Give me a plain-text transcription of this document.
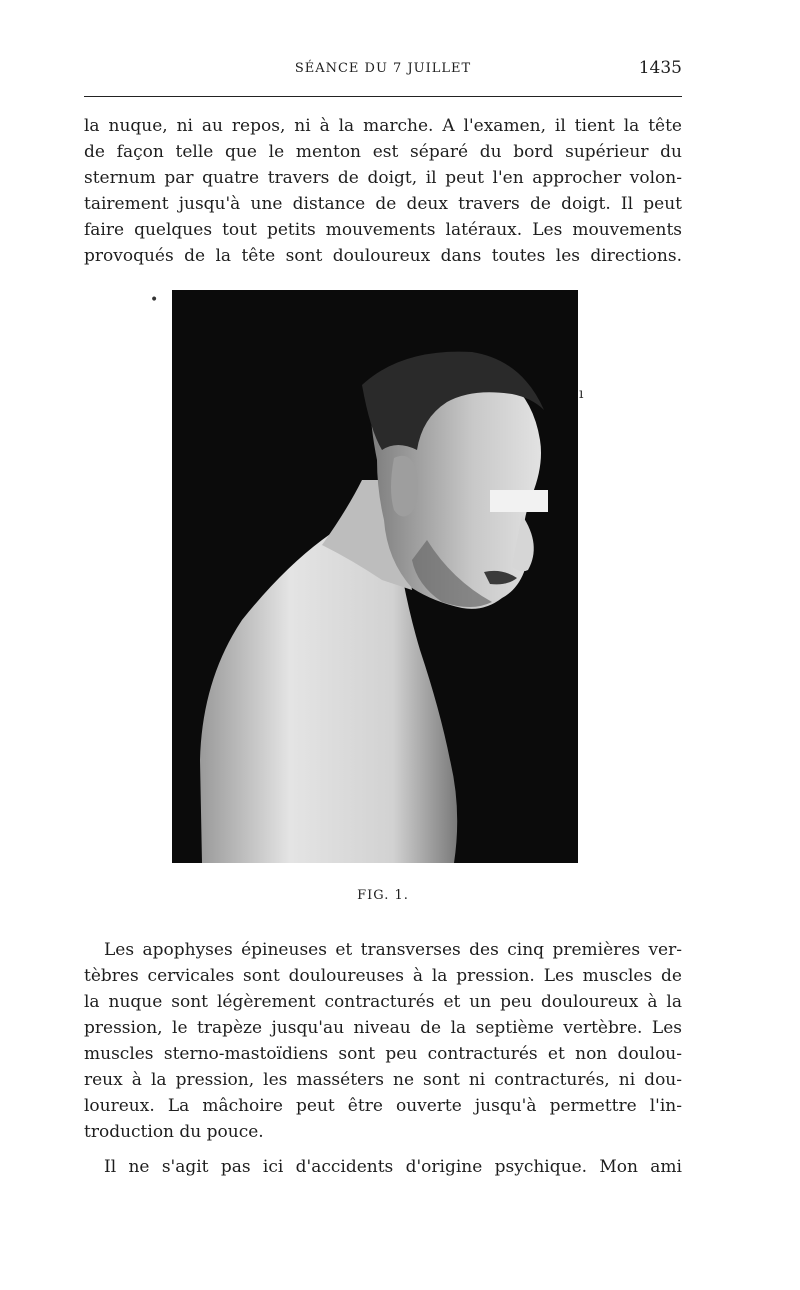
SÉANCE DU 7 JUILLET	1435

la nuque, ni au repos, ni à la marche. A l'examen, il tient la tête
de façon telle que le menton est séparé du bord supérieur du
sternum par quatre travers de doigt, il peut l'en approcher volon-
tairement jusqu'à une distance de deux travers de doigt. Il peut
faire quelques tout petits mouvements latéraux. Les mouvements
provoqués de la tête sont douloureux dans toutes les directions.

•
ı
FIG. 1.

Les apophyses épineuses et transverses des cinq premières ver-
tèbres cervicales sont douloureuses à la pression. Les muscles de
la nuque sont légèrement contracturés et un peu douloureux à la
pression, le trapèze jusqu'au niveau de la septième vertèbre. Les
muscles sterno-mastoïdiens sont peu contracturés et non doulou-
reux à la pression, les masséters ne sont ni contracturés, ni dou-
loureux. La mâchoire peut être ouverte jusqu'à permettre l'in-
troduction du pouce.

Il ne s'agit pas ici d'accidents d'origine psychique. Mon ami
